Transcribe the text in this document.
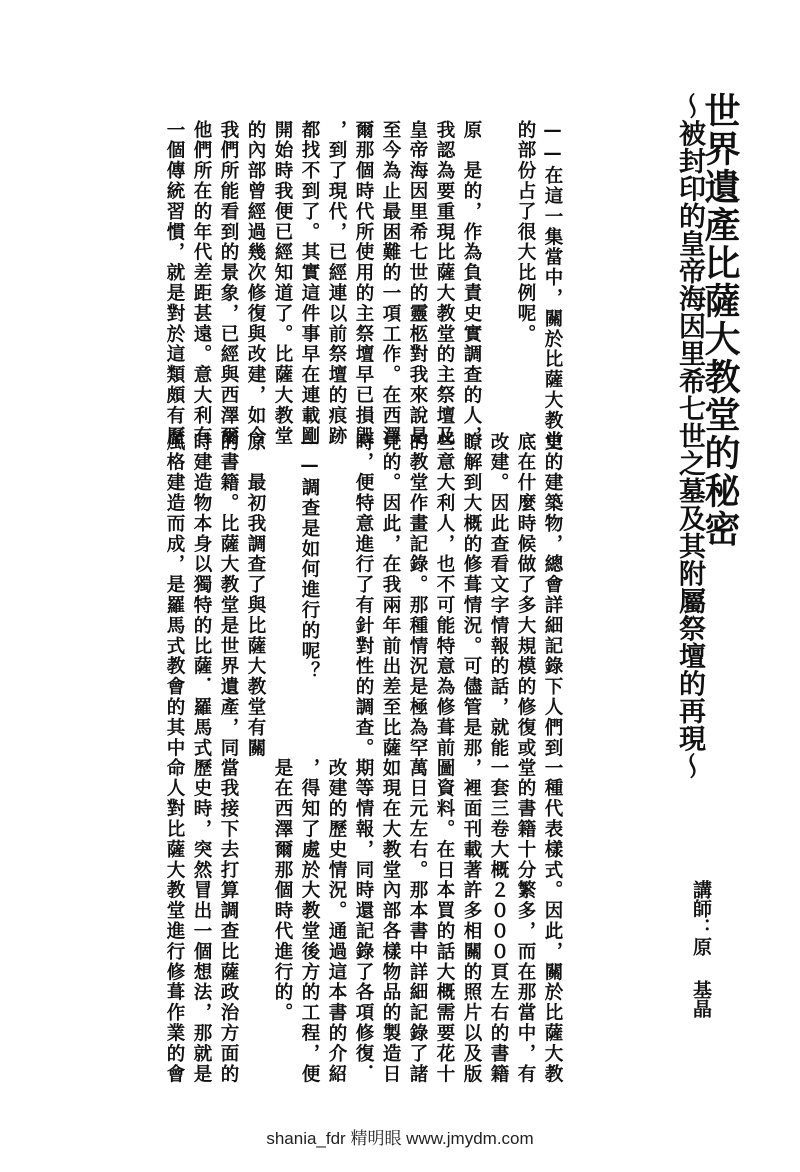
世界遺產比薩大教堂的秘密
～被封印的皇帝海因里希七世之墓及其附屬祭壇的再現～
講師：原基晶
——在這一集當中，關於比薩大教堂
的部份占了很大比例呢。
原　是的，作為負責史實調查的人，
我認為要重現比薩大教堂的主祭壇及
皇帝海因里希七世的靈柩對我來說是
至今為止最困難的一項工作。在西澤
爾那個時代所使用的主祭壇早已損毀
，到了現代，已經連以前祭壇的痕跡
都找不到了。其實這件事早在連載剛
開始時我便已經知道了。比薩大教堂
的內部曾經過幾次修復與改建，如今
我們所能看到的景象，已經與西澤爾
他們所在的年代差距甚遠。意大利有
一個傳統習慣，就是對於這類頗有歷
史的建築物，總會詳細記錄下人們到
底在什麼時候做了多大規模的修復或
改建。因此查看文字情報的話，就能
瞭解到大概的修葺情況。可儘管是那
些意大利人，也不可能特意為修葺前
的教堂作畫記錄。那種情況是極為罕
見的。因此，在我兩年前出差至比薩
時，便特意進行了有針對性的調查。
——調查是如何進行的呢？
原　最初我調查了與比薩大教堂有關
的書籍。比薩大教堂是世界遺產，同
時建造物本身以獨特的比薩．羅馬式
風格建造而成，是羅馬式教會的其中
一種代表樣式。因此，關於比薩大教
堂的書籍十分繁多，而在那當中，有
一套三卷大概２０００頁左右的書籍
，裡面刊載著許多相關的照片以及版
圖資料。在日本買的話大概需要花十
萬日元左右。那本書中詳細記錄了諸
如現在大教堂內部各樣物品的製造日
期等情報，同時還記錄了各項修復．
改建的歷史情況。通過這本書的介紹
，得知了處於大教堂後方的工程，便
是在西澤爾那個時代進行的。
當我接下去打算調查比薩政治方面的
歷史時，突然冒出一個想法，那就是
命人對比薩大教堂進行修葺作業的會
shania_fdr 精明眼 www.jmydm.com
